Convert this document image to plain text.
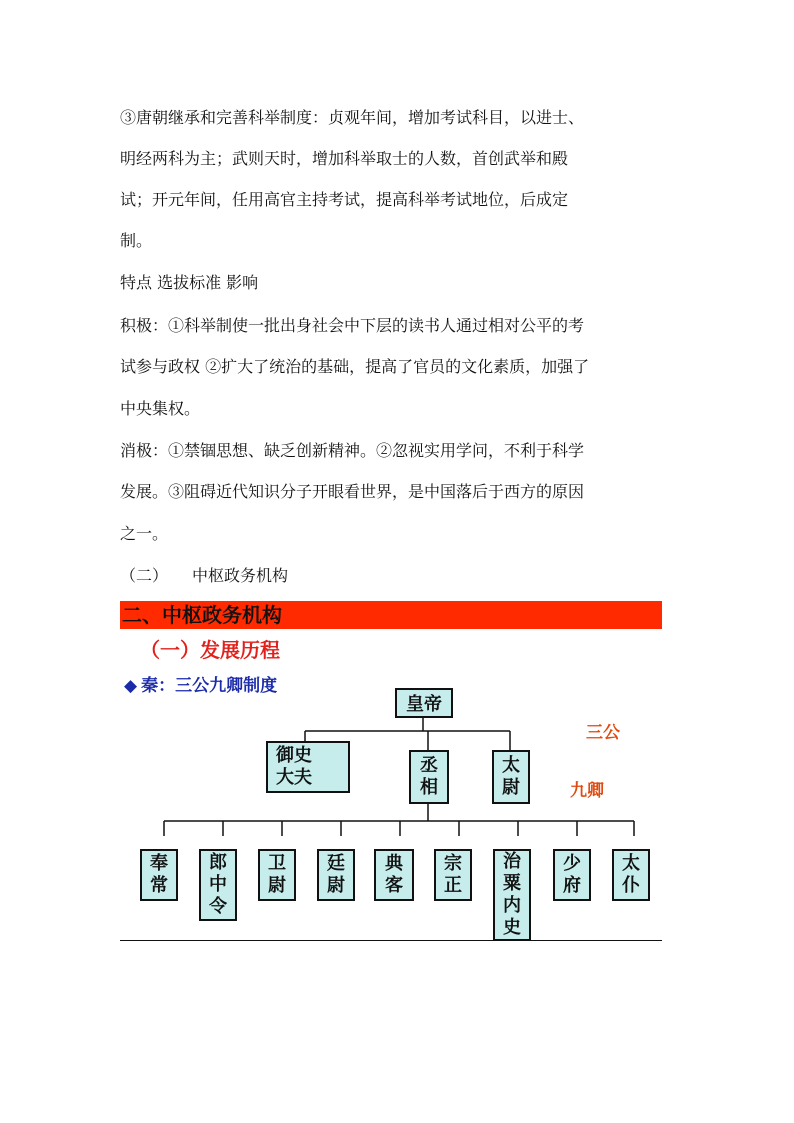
③唐朝继承和完善科举制度：贞观年间，增加考试科目，以进士、
明经两科为主；武则天时，增加科举取士的人数，首创武举和殿
试；开元年间，任用高官主持考试，提高科举考试地位，后成定
制。
特点 选拔标准 影响
积极：①科举制使一批出身社会中下层的读书人通过相对公平的考
试参与政权 ②扩大了统治的基础，提高了官员的文化素质，加强了
中央集权。
消极：①禁锢思想、缺乏创新精神。②忽视实用学问，不利于科学
发展。③阻碍近代知识分子开眼看世界，是中国落后于西方的原因
之一。
（二）　　中枢政务机构
二、中枢政务机构
（一）发展历程
◆ 秦：三公九卿制度
三公
九卿
皇帝
御史
大夫
丞
相
太
尉
奉
常
郎
中
令
卫
尉
廷
尉
典
客
宗
正
治
粟
内
史
少
府
太
仆
